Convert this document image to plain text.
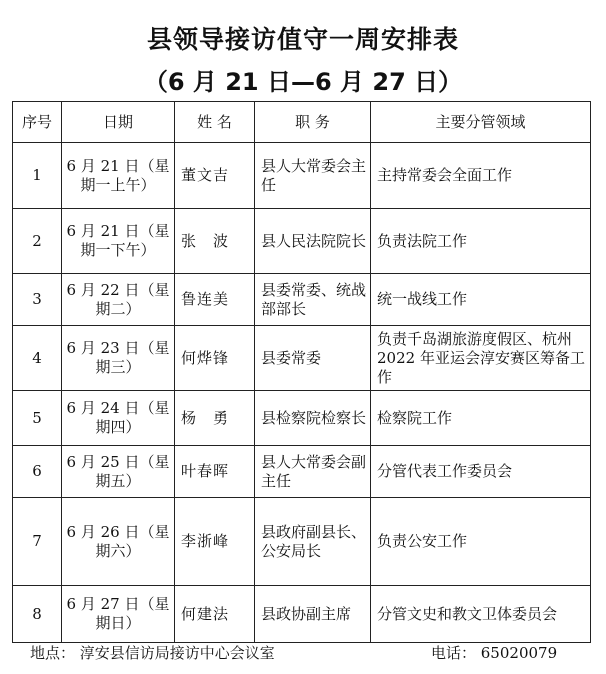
县领导接访值守一周安排表
（6 月 21 日—6 月 27 日）
序号	日期	姓 名	职 务	主要分管领域
1	6 月 21 日（星期一上午）	董文吉	县人大常委会主任	主持常委会全面工作
2	6 月 21 日（星期一下午）	张　波	县人民法院院长	负责法院工作
3	6 月 22 日（星期二）	鲁连美	县委常委、统战部部长	统一战线工作
4	6 月 23 日（星期三）	何烨锋	县委常委	负责千岛湖旅游度假区、杭州 2022 年亚运会淳安赛区筹备工作
5	6 月 24 日（星期四）	杨　勇	县检察院检察长	检察院工作
6	6 月 25 日（星期五）	叶春晖	县人大常委会副主任	分管代表工作委员会
7	6 月 26 日（星期六）	李浙峰	县政府副县长、公安局长	负责公安工作
8	6 月 27 日（星期日）	何建法	县政协副主席	分管文史和教文卫体委员会
地点： 淳安县信访局接访中心会议室	电话： 65020079
